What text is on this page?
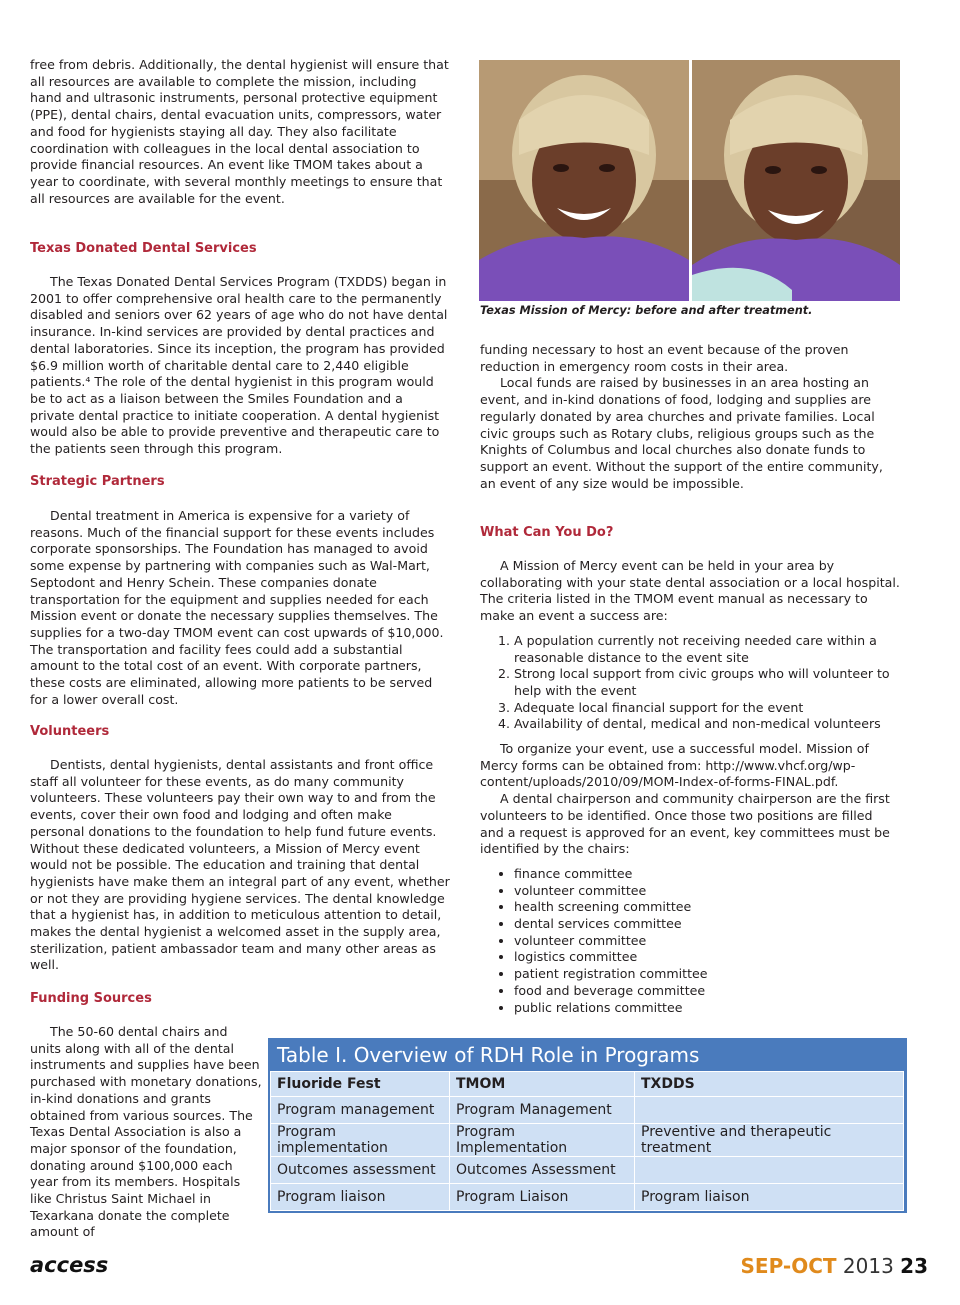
free from debris. Additionally, the dental hygienist will ensure that all resources are available to complete the mission, including hand and ultrasonic instruments, personal protective equipment (PPE), dental chairs, dental evacuation units, compressors, water and food for hygienists staying all day. They also facilitate coordination with colleagues in the local dental association to provide financial resources. An event like TMOM takes about a year to coordinate, with several monthly meetings to ensure that all resources are available for the event.

Texas Donated Dental Services

The Texas Donated Dental Services Program (TXDDS) began in 2001 to offer comprehensive oral health care to the permanently disabled and seniors over 62 years of age who do not have dental insurance. In-kind services are provided by dental practices and dental laboratories. Since its inception, the program has provided $6.9 million worth of charitable dental care to 2,440 eligible patients.⁴ The role of the dental hygienist in this program would be to act as a liaison between the Smiles Foundation and a private dental practice to initiate cooperation. A dental hygienist would also be able to provide preventive and therapeutic care to the patients seen through this program.

Strategic Partners

Dental treatment in America is expensive for a variety of reasons. Much of the financial support for these events includes corporate sponsorships. The Foundation has managed to avoid some expense by partnering with companies such as Wal-Mart, Septodont and Henry Schein. These companies donate transportation for the equipment and supplies needed for each Mission event or donate the necessary supplies themselves. The supplies for a two-day TMOM event can cost upwards of $10,000. The transportation and facility fees could add a substantial amount to the total cost of an event. With corporate partners, these costs are eliminated, allowing more patients to be served for a lower overall cost.

Volunteers

Dentists, dental hygienists, dental assistants and front office staff all volunteer for these events, as do many community volunteers. These volunteers pay their own way to and from the events, cover their own food and lodging and often make personal donations to the foundation to help fund future events. Without these dedicated volunteers, a Mission of Mercy event would not be possible. The education and training that dental hygienists have make them an integral part of any event, whether or not they are providing hygiene services. The dental knowledge that a hygienist has, in addition to meticulous attention to detail, makes the dental hygienist a welcomed asset in the supply area, sterilization, patient ambassador team and many other areas as well.

Funding Sources

The 50-60 dental chairs and units along with all of the dental instruments and supplies have been purchased with monetary donations, in-kind donations and grants obtained from various sources. The Texas Dental Association is also a major sponsor of the foundation, donating around $100,000 each year from its members. Hospitals like Christus Saint Michael in Texarkana donate the complete amount of

Texas Mission of Mercy: before and after treatment.

funding necessary to host an event because of the proven reduction in emergency room costs in their area.

Local funds are raised by businesses in an area hosting an event, and in-kind donations of food, lodging and supplies are regularly donated by area churches and private families. Local civic groups such as Rotary clubs, religious groups such as the Knights of Columbus and local churches also donate funds to support an event. Without the support of the entire community, an event of any size would be impossible.

What Can You Do?

A Mission of Mercy event can be held in your area by collaborating with your state dental association or a local hospital. The criteria listed in the TMOM event manual as necessary to make an event a success are:

1. A population currently not receiving needed care within a reasonable distance to the event site
2. Strong local support from civic groups who will volunteer to help with the event
3. Adequate local financial support for the event
4. Availability of dental, medical and non-medical volunteers

To organize your event, use a successful model. Mission of Mercy forms can be obtained from: http://www.vhcf.org/wp-content/uploads/2010/09/MOM-Index-of-forms-FINAL.pdf.

A dental chairperson and community chairperson are the first volunteers to be identified. Once those two positions are filled and a request is approved for an event, key committees must be identified by the chairs:

• finance committee
• volunteer committee
• health screening committee
• dental services committee
• volunteer committee
• logistics committee
• patient registration committee
• food and beverage committee
• public relations committee
Table I. Overview of RDH Role in Programs
Fluoride Fest	TMOM	TXDDS
Program management	Program Management	
Program implementation	Program Implementation	Preventive and therapeutic treatment
Outcomes assessment	Outcomes Assessment	
Program liaison	Program Liaison	Program liaison
access	SEP-OCT 2013 23
